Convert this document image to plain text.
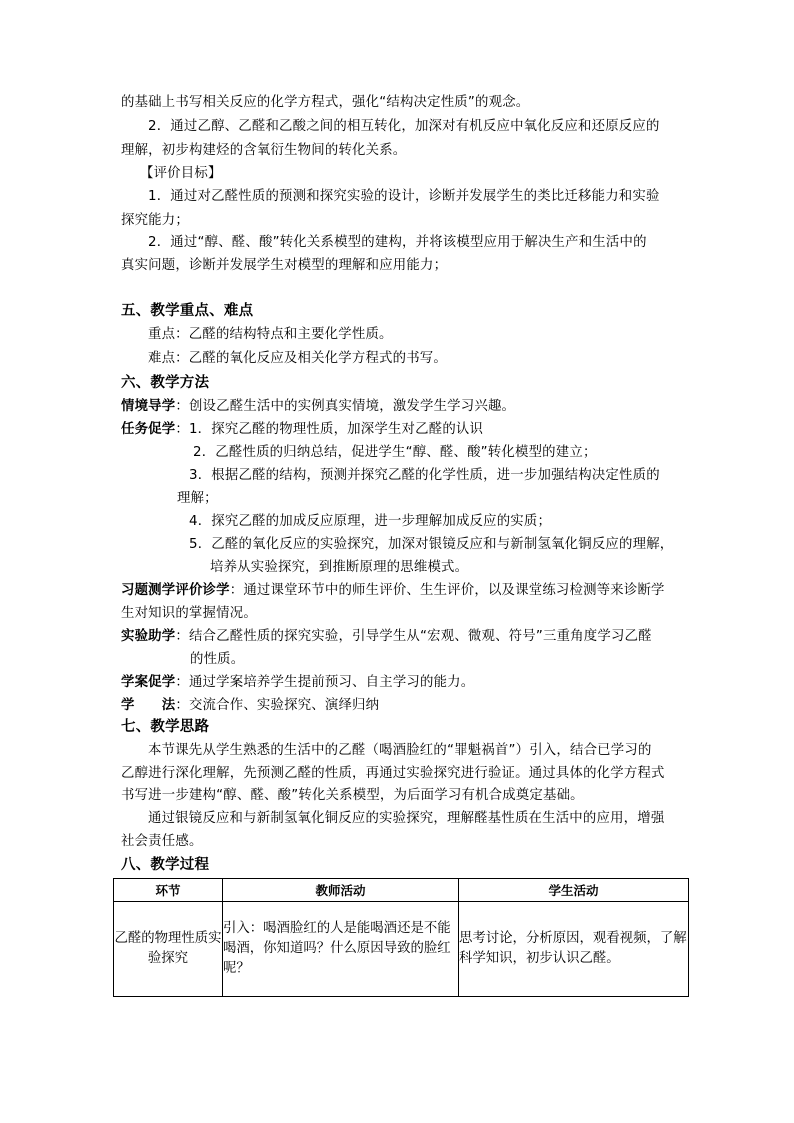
的基础上书写相关反应的化学方程式，强化“结构决定性质”的观念。
2．通过乙醇、乙醛和乙酸之间的相互转化，加深对有机反应中氧化反应和还原反应的
理解，初步构建烃的含氧衍生物间的转化关系。
【评价目标】
1．通过对乙醛性质的预测和探究实验的设计，诊断并发展学生的类比迁移能力和实验
探究能力；
2．通过“醇、醛、酸”转化关系模型的建构，并将该模型应用于解决生产和生活中的
真实问题，诊断并发展学生对模型的理解和应用能力；
五、教学重点、难点
重点：乙醛的结构特点和主要化学性质。
难点：乙醛的氧化反应及相关化学方程式的书写。
六、教学方法
情境导学：创设乙醛生活中的实例真实情境，激发学生学习兴趣。
任务促学：1．探究乙醛的物理性质，加深学生对乙醛的认识
2．乙醛性质的归纳总结，促进学生“醇、醛、酸”转化模型的建立；
3．根据乙醛的结构，预测并探究乙醛的化学性质，进一步加强结构决定性质的
理解；
4．探究乙醛的加成反应原理，进一步理解加成反应的实质；
5．乙醛的氧化反应的实验探究，加深对银镜反应和与新制氢氧化铜反应的理解，
培养从实验探究，到推断原理的思维模式。
习题测学评价诊学：通过课堂环节中的师生评价、生生评价，以及课堂练习检测等来诊断学
生对知识的掌握情况。
实验助学：结合乙醛性质的探究实验，引导学生从“宏观、微观、符号”三重角度学习乙醛
的性质。
学案促学：通过学案培养学生提前预习、自主学习的能力。
学　　法：交流合作、实验探究、演绎归纳
七、教学思路
本节课先从学生熟悉的生活中的乙醛（喝酒脸红的“罪魁祸首”）引入，结合已学习的
乙醇进行深化理解，先预测乙醛的性质，再通过实验探究进行验证。通过具体的化学方程式
书写进一步建构“醇、醛、酸”转化关系模型，为后面学习有机合成奠定基础。
通过银镜反应和与新制氢氧化铜反应的实验探究，理解醛基性质在生活中的应用，增强
社会责任感。
八、教学过程
环节	教师活动	学生活动
乙醛的物理性质实验探究	引入：喝酒脸红的人是能喝酒还是不能喝酒，你知道吗？什么原因导致的脸红呢？	思考讨论，分析原因，观看视频，了解科学知识，初步认识乙醛。
